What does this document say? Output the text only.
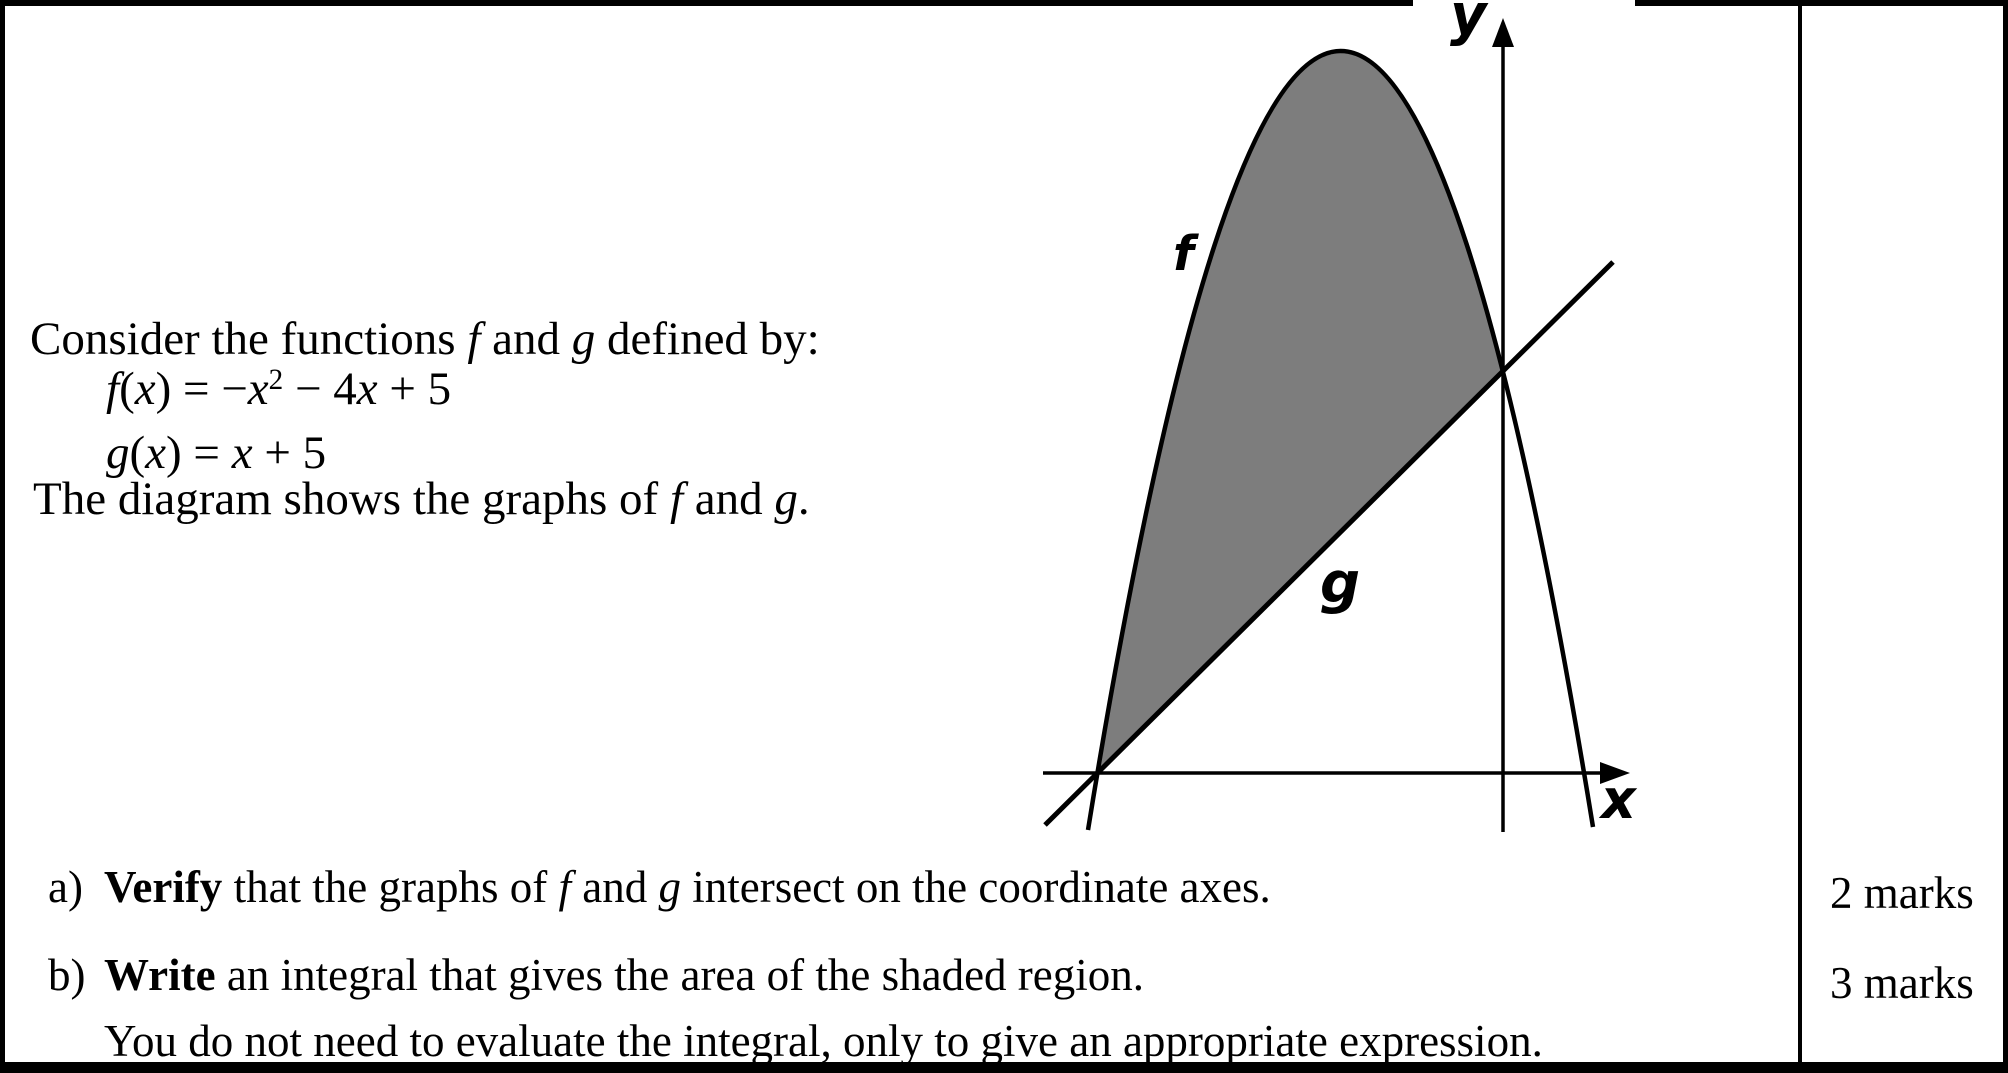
Consider the functions f and g defined by:
$f(x) = -x^2 - 4x + 5$
g(x) = x + 5
The diagram shows the graphs of f and g.
f
g
y
x
a) Verify that the graphs of f and g intersect on the coordinate axes.	2 marks
b) Write an integral that gives the area of the shaded region.	3 marks
You do not need to evaluate the integral, only to give an appropriate expression.
